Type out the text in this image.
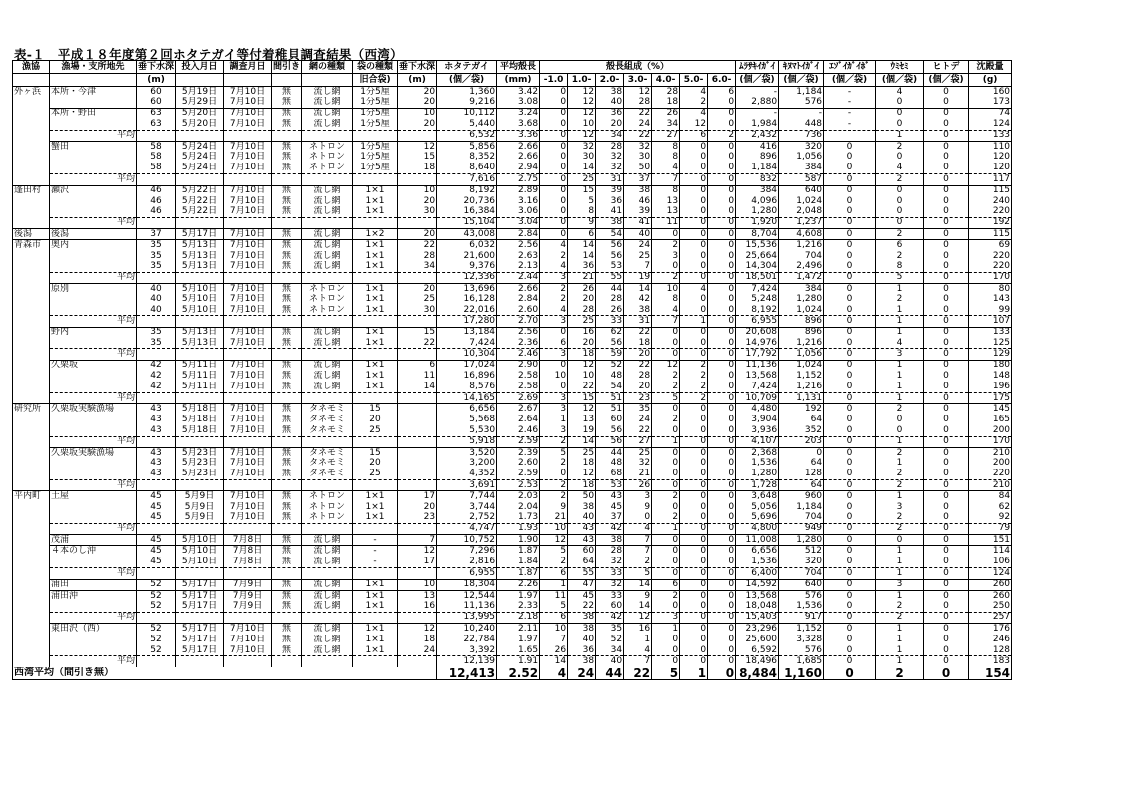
表-１　平成１８年度第２回ホタテガイ等付着稚貝調査結果（西湾）
漁協	漁場・支所地先	垂下水深	投入月日	調査月日	間引き	網の種類	袋の種類	垂下水深	ホタテガイ	平均殻長	殻長組成（%）							ﾑﾗｻｷｲｶﾞｲ	ｷﾇﾏﾄｲｶﾞｲ	ｴｿﾞｲｶﾞｲﾎﾞ	ｳﾐｾﾐ	ヒトデ	沈殿量
		(m)					旧合袋)	(m)	(個／袋)	(mm)	-1.0	1.0-	2.0-	3.0-	4.0-	5.0-	6.0-	(個／袋)	(個／袋)	(個／袋)	(個／袋)	(個／袋)	(g)
外ヶ浜	本所・今津	60	5月19日	7月10日	無	流し網	1分5厘	20	1,360	3.42	0	12	38	12	28	4	6	-	1,184	-	4	0	160
		60	5月29日	7月10日	無	流し網	1分5厘	20	9,216	3.08	0	12	40	28	18	2	0	2,880	576	-	0	0	173
	本所・野田	63	5月20日	7月10日	無	流し網	1分5厘	10	10,112	3.24	0	12	36	22	26	4	0	-	-	-	0	0	74
		63	5月20日	7月10日	無	流し網	1分5厘	20	5,440	3.68	0	10	20	24	34	12	0	1,984	448	-	0	0	124
	平均								6,532	3.36	0	12	34	22	27	6	2	2,432	736		1	0	133
	蟹田	58	5月24日	7月10日	無	ネトロン	1分5厘	12	5,856	2.66	0	32	28	32	8	0	0	416	320	0	2	0	110
		58	5月24日	7月10日	無	ネトロン	1分5厘	15	8,352	2.66	0	30	32	30	8	0	0	896	1,056	0	0	0	120
		58	5月24日	7月10日	無	ネトロン	1分5厘	18	8,640	2.94	0	14	32	50	4	0	0	1,184	384	0	4	0	120
	平均								7,616	2.75	0	25	31	37	7	0	0	832	587	0	2	0	117
蓬田村	瀬沢	46	5月22日	7月10日	無	流し網	1×1	10	8,192	2.89	0	15	39	38	8	0	0	384	640	0	0	0	115
		46	5月22日	7月10日	無	流し網	1×1	20	20,736	3.16	0	5	36	46	13	0	0	4,096	1,024	0	0	0	240
		46	5月22日	7月10日	無	流し網	1×1	30	16,384	3.06	0	8	41	39	13	0	0	1,280	2,048	0	0	0	220
	平均								15,104	3.04	0	9	38	41	11	0	0	1,920	1,237	0	0	0	192
後潟	後潟	37	5月17日	7月10日	無	流し網	1×2	20	43,008	2.84	0	6	54	40	0	0	0	8,704	4,608	0	2	0	115
青森市	奥内	35	5月13日	7月10日	無	流し網	1×1	22	6,032	2.56	4	14	56	24	2	0	0	15,536	1,216	0	6	0	69
		35	5月13日	7月10日	無	流し網	1×1	28	21,600	2.63	2	14	56	25	3	0	0	25,664	704	0	2	0	220
		35	5月13日	7月10日	無	流し網	1×1	34	9,376	2.13	4	36	53	7	0	0	0	14,304	2,496	0	8	0	220
	平均								12,336	2.44	3	21	55	19	2	0	0	18,501	1,472	0	5	0	170
	原別	40	5月10日	7月10日	無	ネトロン	1×1	20	13,696	2.66	2	26	44	14	10	4	0	7,424	384	0	1	0	80
		40	5月10日	7月10日	無	ネトロン	1×1	25	16,128	2.84	2	20	28	42	8	0	0	5,248	1,280	0	2	0	143
		40	5月10日	7月10日	無	ネトロン	1×1	30	22,016	2.60	4	28	26	38	4	0	0	8,192	1,024	0	1	0	99
	平均								17,280	2.70	3	25	33	31	7	1	0	6,955	896	0	1	0	107
	野内	35	5月13日	7月10日	無	流し網	1×1	15	13,184	2.56	0	16	62	22	0	0	0	20,608	896	0	1	0	133
		35	5月13日	7月10日	無	流し網	1×1	22	7,424	2.36	6	20	56	18	0	0	0	14,976	1,216	0	4	0	125
	平均								10,304	2.46	3	18	59	20	0	0	0	17,792	1,056	0	3	0	129
	久栗坂	42	5月11日	7月10日	無	流し網	1×1	6	17,024	2.90	0	12	52	22	12	2	0	11,136	1,024	0	1	0	180
		42	5月11日	7月10日	無	流し網	1×1	11	16,896	2.58	10	10	48	28	2	2	0	13,568	1,152	0	1	0	148
		42	5月11日	7月10日	無	流し網	1×1	14	8,576	2.58	0	22	54	20	2	2	0	7,424	1,216	0	1	0	196
	平均								14,165	2.69	3	15	51	23	5	2	0	10,709	1,131	0	1	0	175
研究所	久栗坂実験漁場	43	5月18日	7月10日	無	タネモミ	15		6,656	2.67	3	12	51	35	0	0	0	4,480	192	0	2	0	145
		43	5月18日	7月10日	無	タネモミ	20		5,568	2.64	1	13	60	24	2	0	0	3,904	64	0	0	0	165
		43	5月18日	7月10日	無	タネモミ	25		5,530	2.46	3	19	56	22	0	0	0	3,936	352	0	0	0	200
	平均								5,918	2.59	2	14	56	27	1	0	0	4,107	203	0	1	0	170
	久栗坂実験漁場	43	5月23日	7月10日	無	タネモミ	15		3,520	2.39	5	25	44	25	0	0	0	2,368	0	0	2	0	210
		43	5月23日	7月10日	無	タネモミ	20		3,200	2.60	2	18	48	32	0	0	0	1,536	64	0	1	0	200
		43	5月23日	7月10日	無	タネモミ	25		4,352	2.59	0	12	68	21	0	0	0	1,280	128	0	2	0	220
	平均								3,691	2.53	2	18	53	26	0	0	0	1,728	64	0	2	0	210
平内町	土屋	45	5月9日	7月10日	無	ネトロン	1×1	17	7,744	2.03	2	50	43	3	2	0	0	3,648	960	0	1	0	84
		45	5月9日	7月10日	無	ネトロン	1×1	20	3,744	2.04	9	38	45	9	0	0	0	5,056	1,184	0	3	0	62
		45	5月9日	7月10日	無	ネトロン	1×1	23	2,752	1.73	21	40	37	0	2	0	0	5,696	704	0	2	0	92
	平均								4,747	1.93	10	43	42	4	1	0	0	4,800	949	0	2	0	79
	茂浦	45	5月10日	7月8日	無	流し網	-	7	10,752	1.90	12	43	38	7	0	0	0	11,008	1,280	0	0	0	151
	４本のし沖	45	5月10日	7月8日	無	流し網	-	12	7,296	1.87	5	60	28	7	0	0	0	6,656	512	0	1	0	114
		45	5月10日	7月8日	無	流し網	-	17	2,816	1.84	2	64	32	2	0	0	0	1,536	320	0	1	0	106
	平均								6,955	1.87	6	55	33	5	0	0	0	6,400	704	0	1	0	124
	浦田	52	5月17日	7月9日	無	流し網	1×1	10	18,304	2.26	1	47	32	14	6	0	0	14,592	640	0	3	0	260
	浦田沖	52	5月17日	7月9日	無	流し網	1×1	13	12,544	1.97	11	45	33	9	2	0	0	13,568	576	0	1	0	260
		52	5月17日	7月9日	無	流し網	1×1	16	11,136	2.33	5	22	60	14	0	0	0	18,048	1,536	0	2	0	250
	平均								13,995	2.18	6	38	42	12	3	0	0	15,403	917	0	2	0	257
	東田沢（西）	52	5月17日	7月10日	無	流し網	1×1	12	10,240	2.11	10	38	35	16	1	0	0	23,296	1,152	0	1	0	176
		52	5月17日	7月10日	無	流し網	1×1	18	22,784	1.97	7	40	52	1	0	0	0	25,600	3,328	0	1	0	246
		52	5月17日	7月10日	無	流し網	1×1	24	3,392	1.65	26	36	34	4	0	0	0	6,592	576	0	1	0	128
	平均								12,139	1.91	14	38	40	7	0	0	0	18,496	1,685	0	1	0	183
西湾平均（間引き無）									12,413	2.52	4	24	44	22	5	1	0	8,484	1,160	0	2	0	154
